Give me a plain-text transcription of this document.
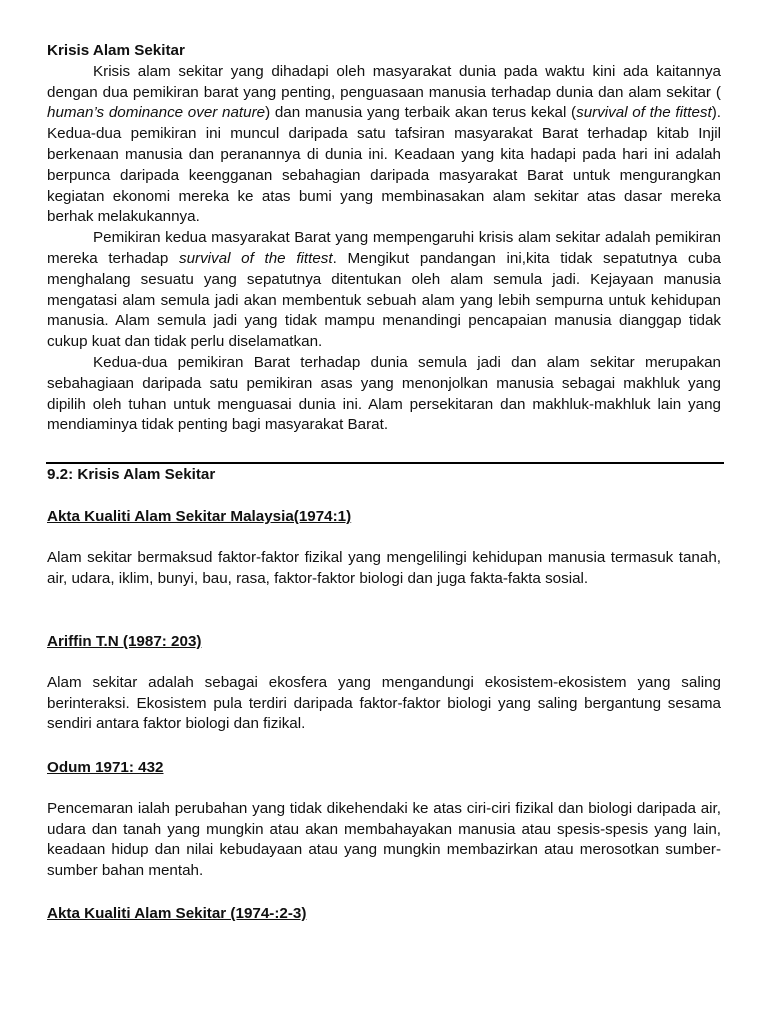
Krisis Alam Sekitar

Krisis alam sekitar yang dihadapi oleh masyarakat dunia pada waktu kini ada kaitannya dengan dua pemikiran barat yang penting, penguasaan manusia terhadap dunia dan alam sekitar ( human’s dominance over nature) dan manusia yang terbaik akan terus kekal (survival of the fittest). Kedua-dua pemikiran ini muncul daripada satu tafsiran masyarakat Barat terhadap kitab Injil berkenaan manusia dan peranannya di dunia ini. Keadaan yang kita hadapi pada hari ini adalah berpunca daripada keengganan sebahagian daripada masyarakat Barat untuk mengurangkan kegiatan ekonomi mereka ke atas bumi yang membinasakan alam sekitar atas dasar mereka berhak melakukannya.

Pemikiran kedua masyarakat Barat yang mempengaruhi krisis alam sekitar adalah pemikiran mereka terhadap survival of the fittest. Mengikut pandangan ini,kita tidak sepatutnya cuba menghalang sesuatu yang sepatutnya ditentukan oleh alam semula jadi. Kejayaan manusia mengatasi alam semula jadi akan membentuk sebuah alam yang lebih sempurna untuk kehidupan manusia. Alam semula jadi yang tidak mampu menandingi pencapaian manusia dianggap tidak cukup kuat dan tidak perlu diselamatkan.

Kedua-dua pemikiran Barat terhadap dunia semula jadi dan alam sekitar merupakan sebahagiaan daripada satu pemikiran asas yang menonjolkan manusia sebagai makhluk yang dipilih oleh tuhan untuk menguasai dunia ini. Alam persekitaran dan makhluk-makhluk lain yang mendiaminya tidak penting bagi masyarakat Barat.

9.2: Krisis Alam Sekitar

Akta Kualiti Alam Sekitar Malaysia(1974:1)

Alam sekitar bermaksud faktor-faktor fizikal yang mengelilingi kehidupan manusia termasuk tanah, air, udara, iklim, bunyi, bau, rasa, faktor-faktor biologi dan juga fakta-fakta sosial.

Ariffin T.N (1987: 203)

Alam sekitar adalah sebagai ekosfera yang mengandungi ekosistem-ekosistem yang saling berinteraksi. Ekosistem pula terdiri daripada faktor-faktor biologi yang saling bergantung sesama sendiri antara faktor biologi dan fizikal.

Odum 1971: 432

Pencemaran ialah perubahan yang tidak dikehendaki ke atas ciri-ciri fizikal dan biologi daripada air, udara dan tanah yang mungkin atau akan membahayakan manusia atau spesis-spesis yang lain, keadaan hidup dan nilai kebudayaan atau yang mungkin membazirkan atau merosotkan sumber-sumber bahan mentah.

Akta Kualiti Alam Sekitar (1974-:2-3)
